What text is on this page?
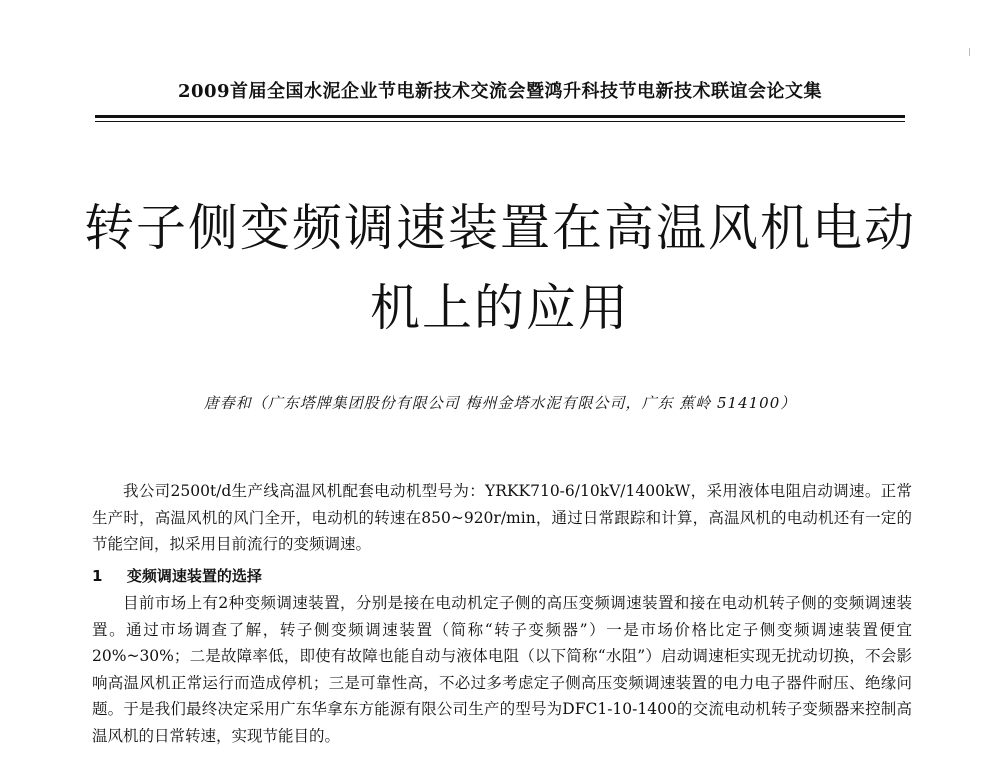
2009首届全国水泥企业节电新技术交流会暨鸿升科技节电新技术联谊会论文集
转子侧变频调速装置在高温风机电动
机上的应用
唐春和（广东塔牌集团股份有限公司 梅州金塔水泥有限公司，广东 蕉岭 514100）
我公司2500t/d生产线高温风机配套电动机型号为：YRKK710-6/10kV/1400kW，采用液体电阻启动调速。正常生产时，高温风机的风门全开，电动机的转速在850~920r/min，通过日常跟踪和计算，高温风机的电动机还有一定的节能空间，拟采用目前流行的变频调速。
1 变频调速装置的选择
目前市场上有2种变频调速装置，分别是接在电动机定子侧的高压变频调速装置和接在电动机转子侧的变频调速装置。通过市场调查了解，转子侧变频调速装置（简称“转子变频器”）一是市场价格比定子侧变频调速装置便宜20%~30%；二是故障率低，即使有故障也能自动与液体电阻（以下简称“水阻”）启动调速柜实现无扰动切换，不会影响高温风机正常运行而造成停机；三是可靠性高，不必过多考虑定子侧高压变频调速装置的电力电子器件耐压、绝缘问题。于是我们最终决定采用广东华拿东方能源有限公司生产的型号为DFC1-10-1400的交流电动机转子变频器来控制高温风机的日常转速，实现节能目的。
